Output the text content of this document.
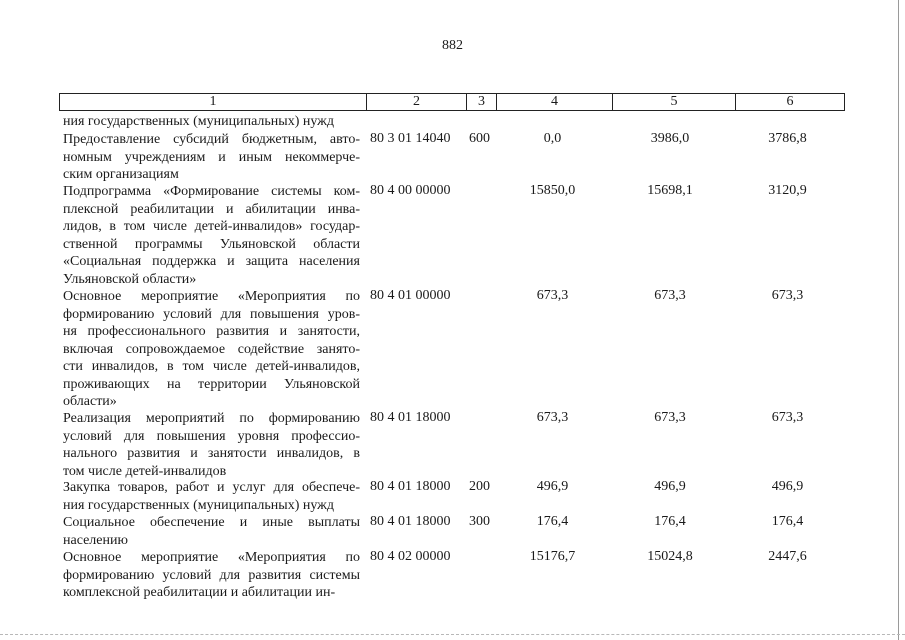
882
1	2	3	4	5	6
ния государственных (муниципальных) нужд
Предоставление субсидий бюджетным, авто-
номным учреждениям и иным некоммерче-
ским организациям
80 3 01 14040 600	0,0	3986,0	3786,8
Подпрограмма «Формирование системы ком-
плексной реабилитации и абилитации инва-
лидов, в том числе детей-инвалидов» государ-
ственной программы Ульяновской области
«Социальная поддержка и защита населения
Ульяновской области»
80 4 00 00000	15850,0	15698,1	3120,9
Основное мероприятие «Мероприятия по
формированию условий для повышения уров-
ня профессионального развития и занятости,
включая сопровождаемое содействие занято-
сти инвалидов, в том числе детей-инвалидов,
проживающих на территории Ульяновской
области»
80 4 01 00000	673,3	673,3	673,3
Реализация мероприятий по формированию
условий для повышения уровня профессио-
нального развития и занятости инвалидов, в
том числе детей-инвалидов
80 4 01 18000	673,3	673,3	673,3
Закупка товаров, работ и услуг для обеспече-
ния государственных (муниципальных) нужд
80 4 01 18000 200	496,9	496,9	496,9
Социальное обеспечение и иные выплаты
населению
80 4 01 18000 300	176,4	176,4	176,4
Основное мероприятие «Мероприятия по
формированию условий для развития системы
комплексной реабилитации и абилитации ин-
80 4 02 00000	15176,7	15024,8	2447,6
